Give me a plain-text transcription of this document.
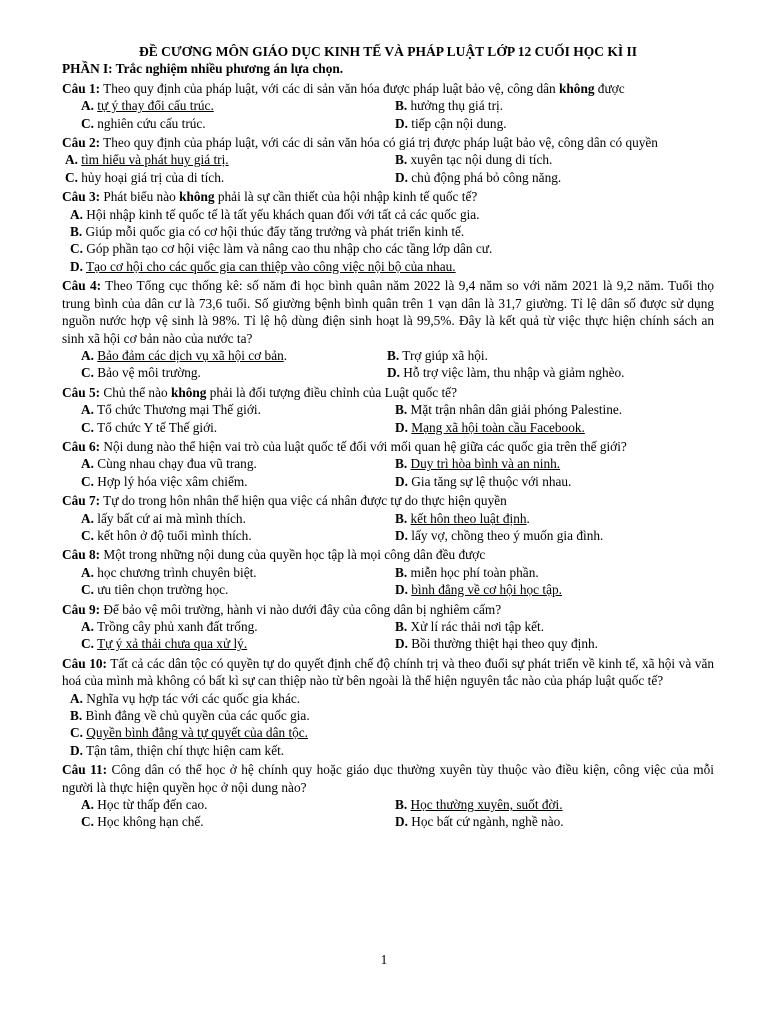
ĐỀ CƯƠNG MÔN GIÁO DỤC KINH TẾ VÀ PHÁP LUẬT LỚP 12 CUỐI HỌC KÌ II
PHẦN I: Trắc nghiệm nhiều phương án lựa chọn.
Câu 1: Theo quy định của pháp luật, với các di sản văn hóa được pháp luật bảo vệ, công dân không được
A. tự ý thay đổi cấu trúc.	B. hưởng thụ giá trị.
C. nghiên cứu cấu trúc.	D. tiếp cận nội dung.
Câu 2: Theo quy định của pháp luật, với các di sản văn hóa có giá trị được pháp luật bảo vệ, công dân có quyền
A. tìm hiểu và phát huy giá trị.	B. xuyên tạc nội dung di tích.
C. hủy hoại giá trị của di tích.	D. chủ động phá bỏ công năng.
Câu 3: Phát biểu nào không phải là sự cần thiết của hội nhập kinh tế quốc tế?
A. Hội nhập kinh tế quốc tế là tất yếu khách quan đối với tất cả các quốc gia.
B. Giúp mỗi quốc gia có cơ hội thúc đẩy tăng trưởng và phát triển kinh tế.
C. Góp phần tạo cơ hội việc làm và nâng cao thu nhập cho các tầng lớp dân cư.
D. Tạo cơ hội cho các quốc gia can thiệp vào công việc nội bộ của nhau.
Câu 4: Theo Tổng cục thống kê: số năm đi học bình quân năm 2022 là 9,4 năm so với năm 2021 là 9,2 năm. Tuổi thọ trung bình của dân cư là 73,6 tuổi. Số giường bệnh bình quân trên 1 vạn dân là 31,7 giường. Tỉ lệ dân số được sử dụng nguồn nước hợp vệ sinh là 98%. Tỉ lệ hộ dùng điện sinh hoạt là 99,5%. Đây là kết quả từ việc thực hiện chính sách an sinh xã hội cơ bản nào của nước ta?
A. Bảo đảm các dịch vụ xã hội cơ bản.	B. Trợ giúp xã hội.
C. Bảo vệ môi trường.	D. Hỗ trợ việc làm, thu nhập và giảm nghèo.
Câu 5: Chủ thể nào không phải là đối tượng điều chỉnh của Luật quốc tế?
A. Tổ chức Thương mại Thế giới.	B. Mặt trận nhân dân giải phóng Palestine.
C. Tổ chức Y tế Thế giới.	D. Mạng xã hội toàn cầu Facebook.
Câu 6: Nội dung nào thể hiện vai trò của luật quốc tế đối với mối quan hệ giữa các quốc gia trên thế giới?
A. Cùng nhau chạy đua vũ trang.	B. Duy trì hòa bình và an ninh.
C. Hợp lý hóa việc xâm chiếm.	D. Gia tăng sự lệ thuộc với nhau.
Câu 7: Tự do trong hôn nhân thể hiện qua việc cá nhân được tự do thực hiện quyền
A. lấy bất cứ ai mà mình thích.	B. kết hôn theo luật định.
C. kết hôn ở độ tuổi mình thích.	D. lấy vợ, chồng theo ý muốn gia đình.
Câu 8: Một trong những nội dung của quyền học tập là mọi công dân đều được
A. học chương trình chuyên biệt.	B. miễn học phí toàn phần.
C. ưu tiên chọn trường học.	D. bình đẳng về cơ hội học tập.
Câu 9: Để bảo vệ môi trường, hành vi nào dưới đây của công dân bị nghiêm cấm?
A. Trồng cây phủ xanh đất trống.	B. Xử lí rác thải nơi tập kết.
C. Tự ý xả thải chưa qua xử lý.	D. Bồi thường thiệt hại theo quy định.
Câu 10: Tất cả các dân tộc có quyền tự do quyết định chế độ chính trị và theo đuổi sự phát triển về kinh tế, xã hội và văn hoá của mình mà không có bất kì sự can thiệp nào từ bên ngoài là thể hiện nguyên tắc nào của pháp luật quốc tế?
A. Nghĩa vụ hợp tác với các quốc gia khác.
B. Bình đẳng về chủ quyền của các quốc gia.
C. Quyền bình đẳng và tự quyết của dân tộc.
D. Tận tâm, thiện chí thực hiện cam kết.
Câu 11: Công dân có thể học ở hệ chính quy hoặc giáo dục thường xuyên tùy thuộc vào điều kiện, công việc của mỗi người là thực hiện quyền học ở nội dung nào?
A. Học từ thấp đến cao.	B. Học thường xuyên, suốt đời.
C. Học không hạn chế.	D. Học bất cứ ngành, nghề nào.
1
